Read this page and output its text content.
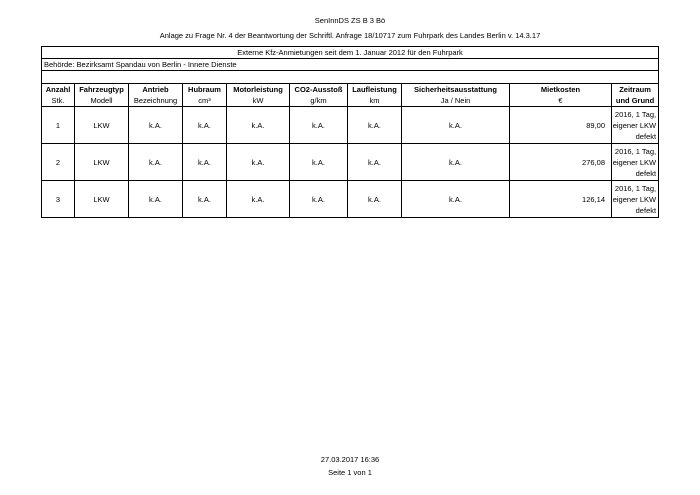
SenInnDS ZS B 3 Bö
Anlage zu Frage Nr. 4 der Beantwortung der Schriftl. Anfrage 18/10717 zum Fuhrpark des Landes Berlin v. 14.3.17
Externe Kfz-Anmietungen seit dem 1. Januar 2012 für den Fuhrpark									
Behörde: Bezirksamt Spandau von Berlin - Innere Dienste									

Anzahl	Fahrzeugtyp	Antrieb	Hubraum	Motorleistung	CO2-Ausstoß	Laufleistung	Sicherheitsausstattung	Mietkosten	Zeitraum
Stk.	Modell	Bezeichnung	cm³	kW	g/km	km	Ja / Nein	€	und Grund
1	LKW	k.A.	k.A.	k.A.	k.A.	k.A.	k.A.	89,00	2016, 1 Tag, eigener LKW defekt
2	LKW	k.A.	k.A.	k.A.	k.A.	k.A.	k.A.	276,08	2016, 1 Tag, eigener LKW defekt
3	LKW	k.A.	k.A.	k.A.	k.A.	k.A.	k.A.	126,14	2016, 1 Tag, eigener LKW defekt
27.03.2017 16:36
Seite 1 von 1
